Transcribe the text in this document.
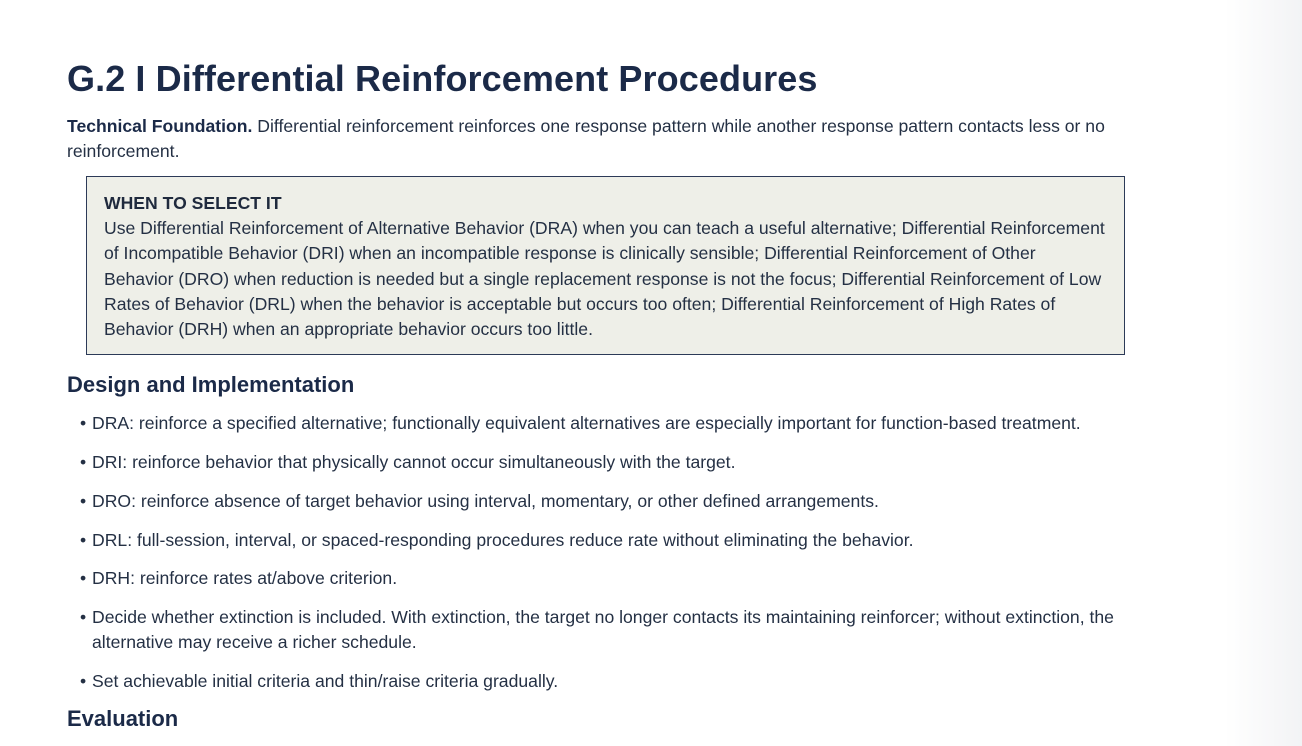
G.2 I Differential Reinforcement Procedures

Technical Foundation. Differential reinforcement reinforces one response pattern while another response pattern contacts less or no reinforcement.

WHEN TO SELECT IT
Use Differential Reinforcement of Alternative Behavior (DRA) when you can teach a useful alternative; Differential Reinforcement of Incompatible Behavior (DRI) when an incompatible response is clinically sensible; Differential Reinforcement of Other Behavior (DRO) when reduction is needed but a single replacement response is not the focus; Differential Reinforcement of Low Rates of Behavior (DRL) when the behavior is acceptable but occurs too often; Differential Reinforcement of High Rates of Behavior (DRH) when an appropriate behavior occurs too little.
Design and Implementation
• DRA: reinforce a specified alternative; functionally equivalent alternatives are especially important for function-based treatment.
• DRI: reinforce behavior that physically cannot occur simultaneously with the target.
• DRO: reinforce absence of target behavior using interval, momentary, or other defined arrangements.
• DRL: full-session, interval, or spaced-responding procedures reduce rate without eliminating the behavior.
• DRH: reinforce rates at/above criterion.
• Decide whether extinction is included. With extinction, the target no longer contacts its maintaining reinforcer; without extinction, the alternative may receive a richer schedule.
• Set achievable initial criteria and thin/raise criteria gradually.
Evaluation
